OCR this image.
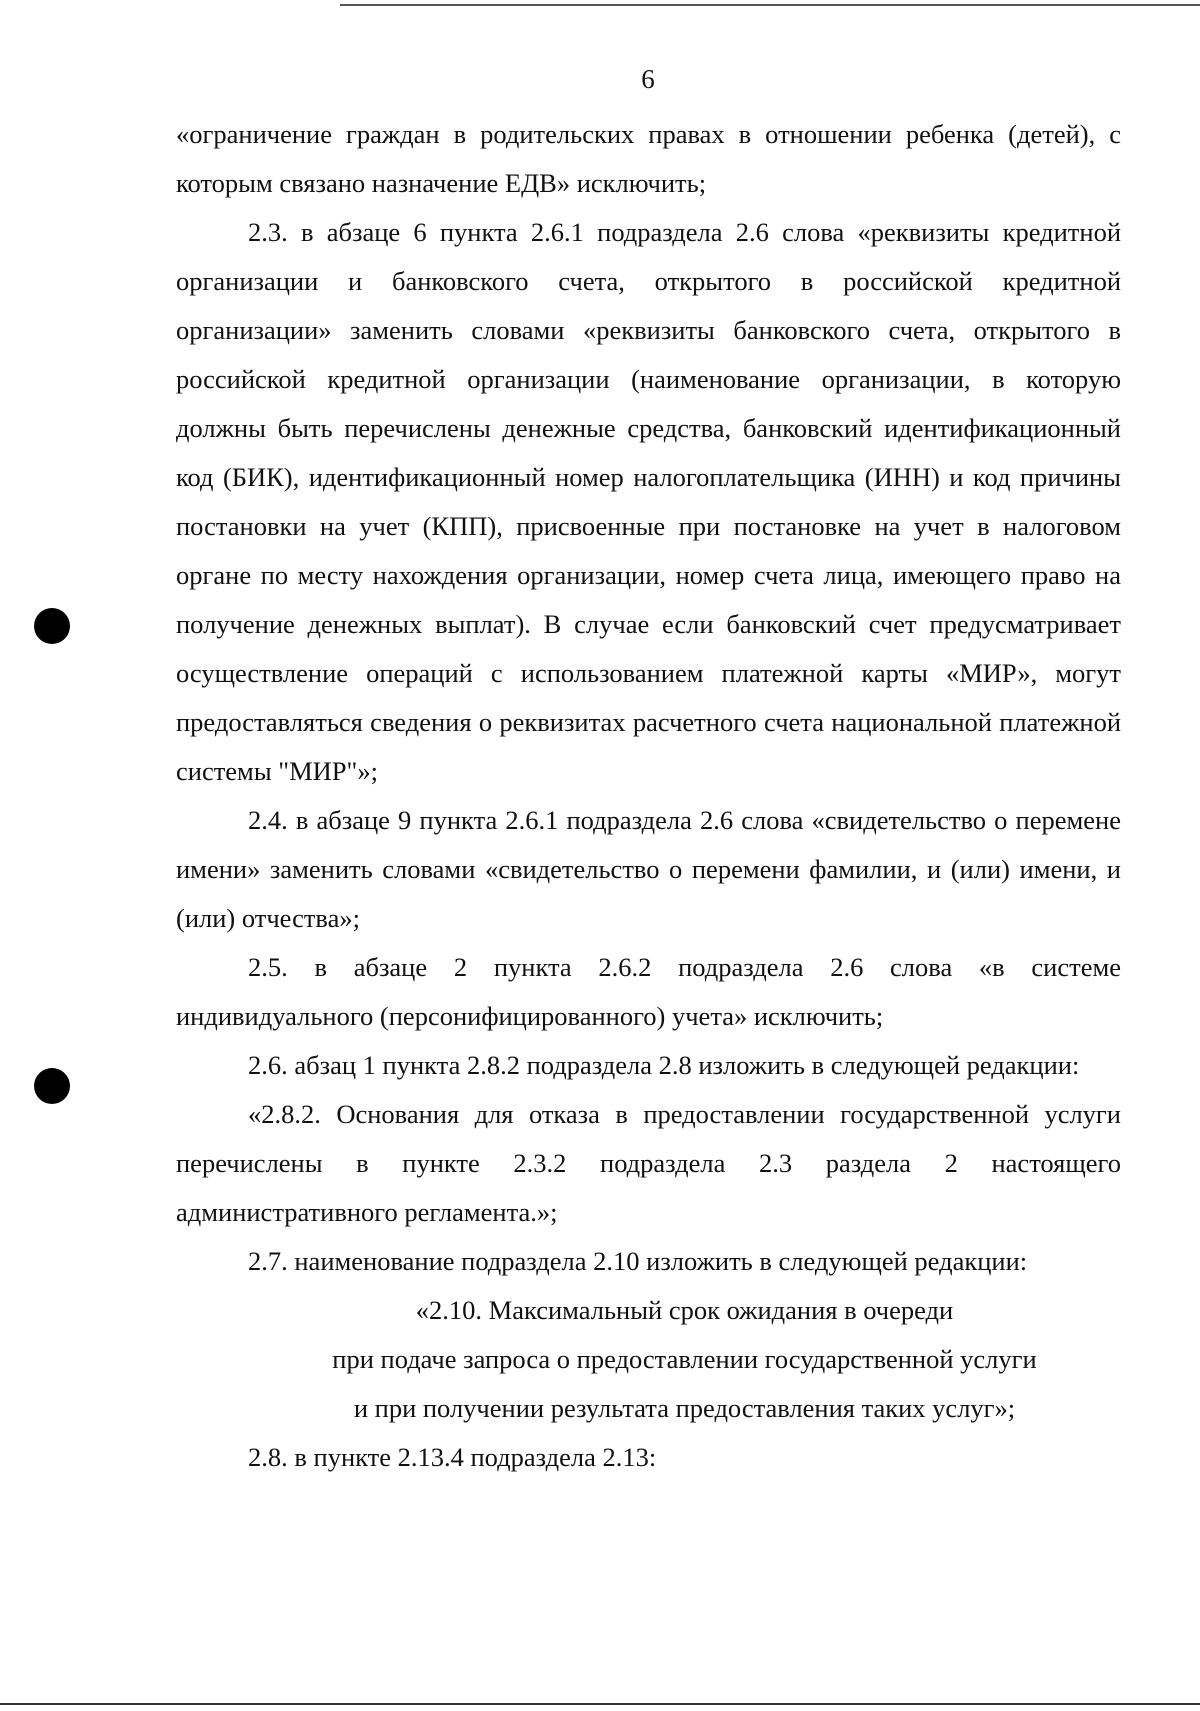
6

«ограничение граждан в родительских правах в отношении ребенка (детей), с которым связано назначение ЕДВ» исключить;

2.3. в абзаце 6 пункта 2.6.1 подраздела 2.6 слова «реквизиты кредитной организации и банковского счета, открытого в российской кредитной организации» заменить словами «реквизиты банковского счета, открытого в российской кредитной организации (наименование организации, в которую должны быть перечислены денежные средства, банковский идентификационный код (БИК), идентификационный номер налогоплательщика (ИНН) и код причины постановки на учет (КПП), присвоенные при постановке на учет в налоговом органе по месту нахождения организации, номер счета лица, имеющего право на получение денежных выплат). В случае если банковский счет предусматривает осуществление операций с использованием платежной карты «МИР», могут предоставляться сведения о реквизитах расчетного счета национальной платежной системы "МИР"»;

2.4. в абзаце 9 пункта 2.6.1 подраздела 2.6 слова «свидетельство о перемене имени» заменить словами «свидетельство о перемени фамилии, и (или) имени, и (или) отчества»;

2.5. в абзаце 2 пункта 2.6.2 подраздела 2.6 слова «в системе индивидуального (персонифицированного) учета» исключить;

2.6. абзац 1 пункта 2.8.2 подраздела 2.8 изложить в следующей редакции:

«2.8.2. Основания для отказа в предоставлении государственной услуги перечислены в пункте 2.3.2 подраздела 2.3 раздела 2 настоящего административного регламента.»;

2.7. наименование подраздела 2.10 изложить в следующей редакции:

«2.10. Максимальный срок ожидания в очереди

при подаче запроса о предоставлении государственной услуги

и при получении результата предоставления таких услуг»;

2.8. в пункте 2.13.4 подраздела 2.13:
